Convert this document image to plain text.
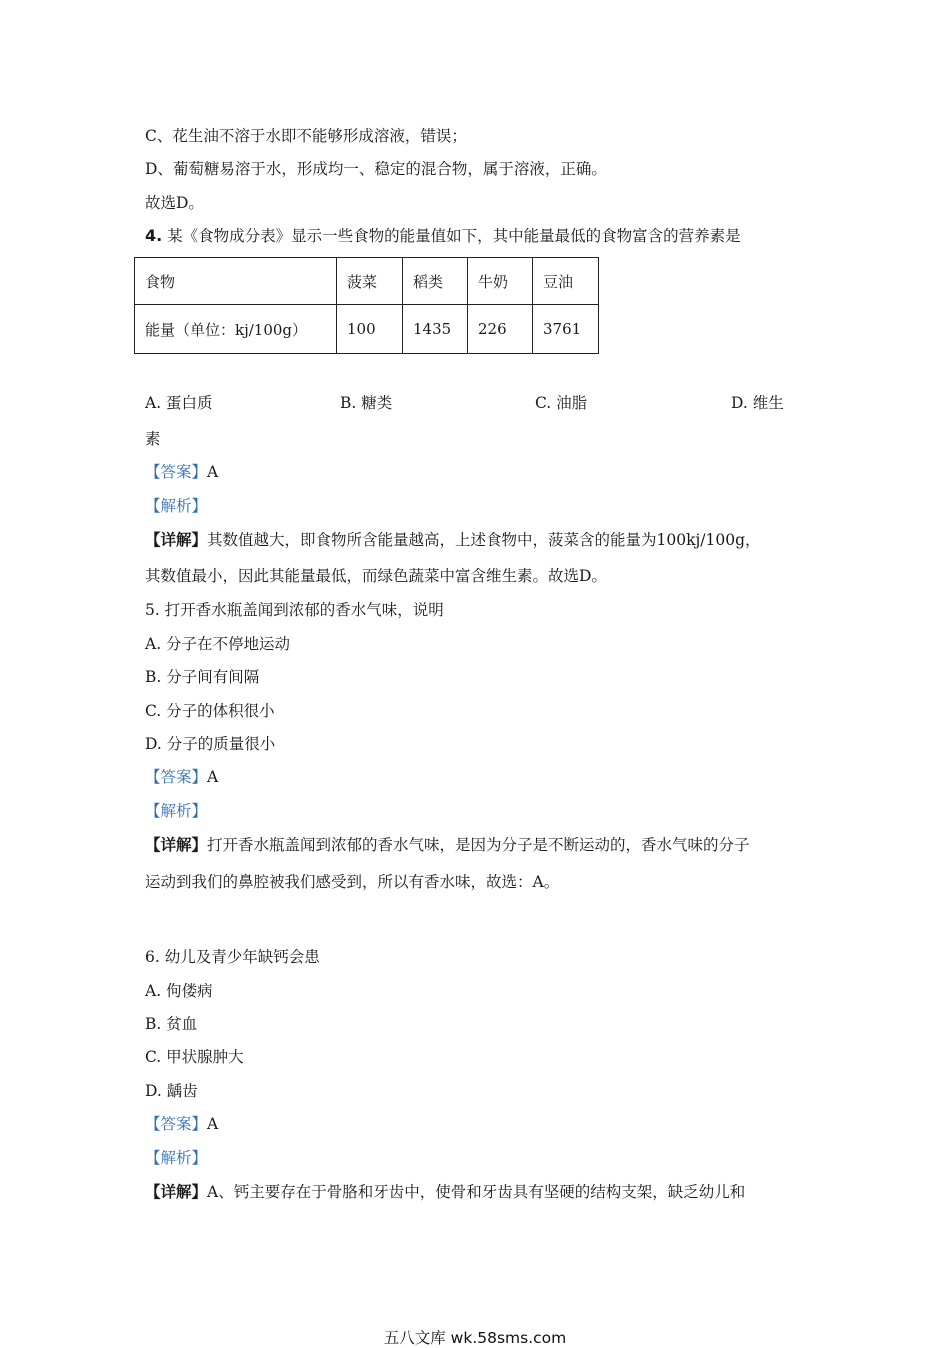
C、花生油不溶于水即不能够形成溶液，错误；
D、葡萄糖易溶于水，形成均一、稳定的混合物，属于溶液，正确。
故选D。
4. 某《食物成分表》显示一些食物的能量值如下，其中能量最低的食物富含的营养素是
食物	菠菜	稻类	牛奶	豆油
能量（单位：kj/100g）	100	1435	226	3761
A. 蛋白质	B. 糖类	C. 油脂	D. 维生
素
【答案】A
【解析】
【详解】其数值越大，即食物所含能量越高，上述食物中，菠菜含的能量为100kj/100g，
其数值最小，因此其能量最低，而绿色蔬菜中富含维生素。故选D。
5. 打开香水瓶盖闻到浓郁的香水气味，说明
A. 分子在不停地运动
B. 分子间有间隔
C. 分子的体积很小
D. 分子的质量很小
【答案】A
【解析】
【详解】打开香水瓶盖闻到浓郁的香水气味，是因为分子是不断运动的，香水气味的分子
运动到我们的鼻腔被我们感受到，所以有香水味，故选：A。
6. 幼儿及青少年缺钙会患
A. 佝偻病
B. 贫血
C. 甲状腺肿大
D. 龋齿
【答案】A
【解析】
【详解】A、钙主要存在于骨胳和牙齿中，使骨和牙齿具有坚硬的结构支架，缺乏幼儿和
五八文库 wk.58sms.com
